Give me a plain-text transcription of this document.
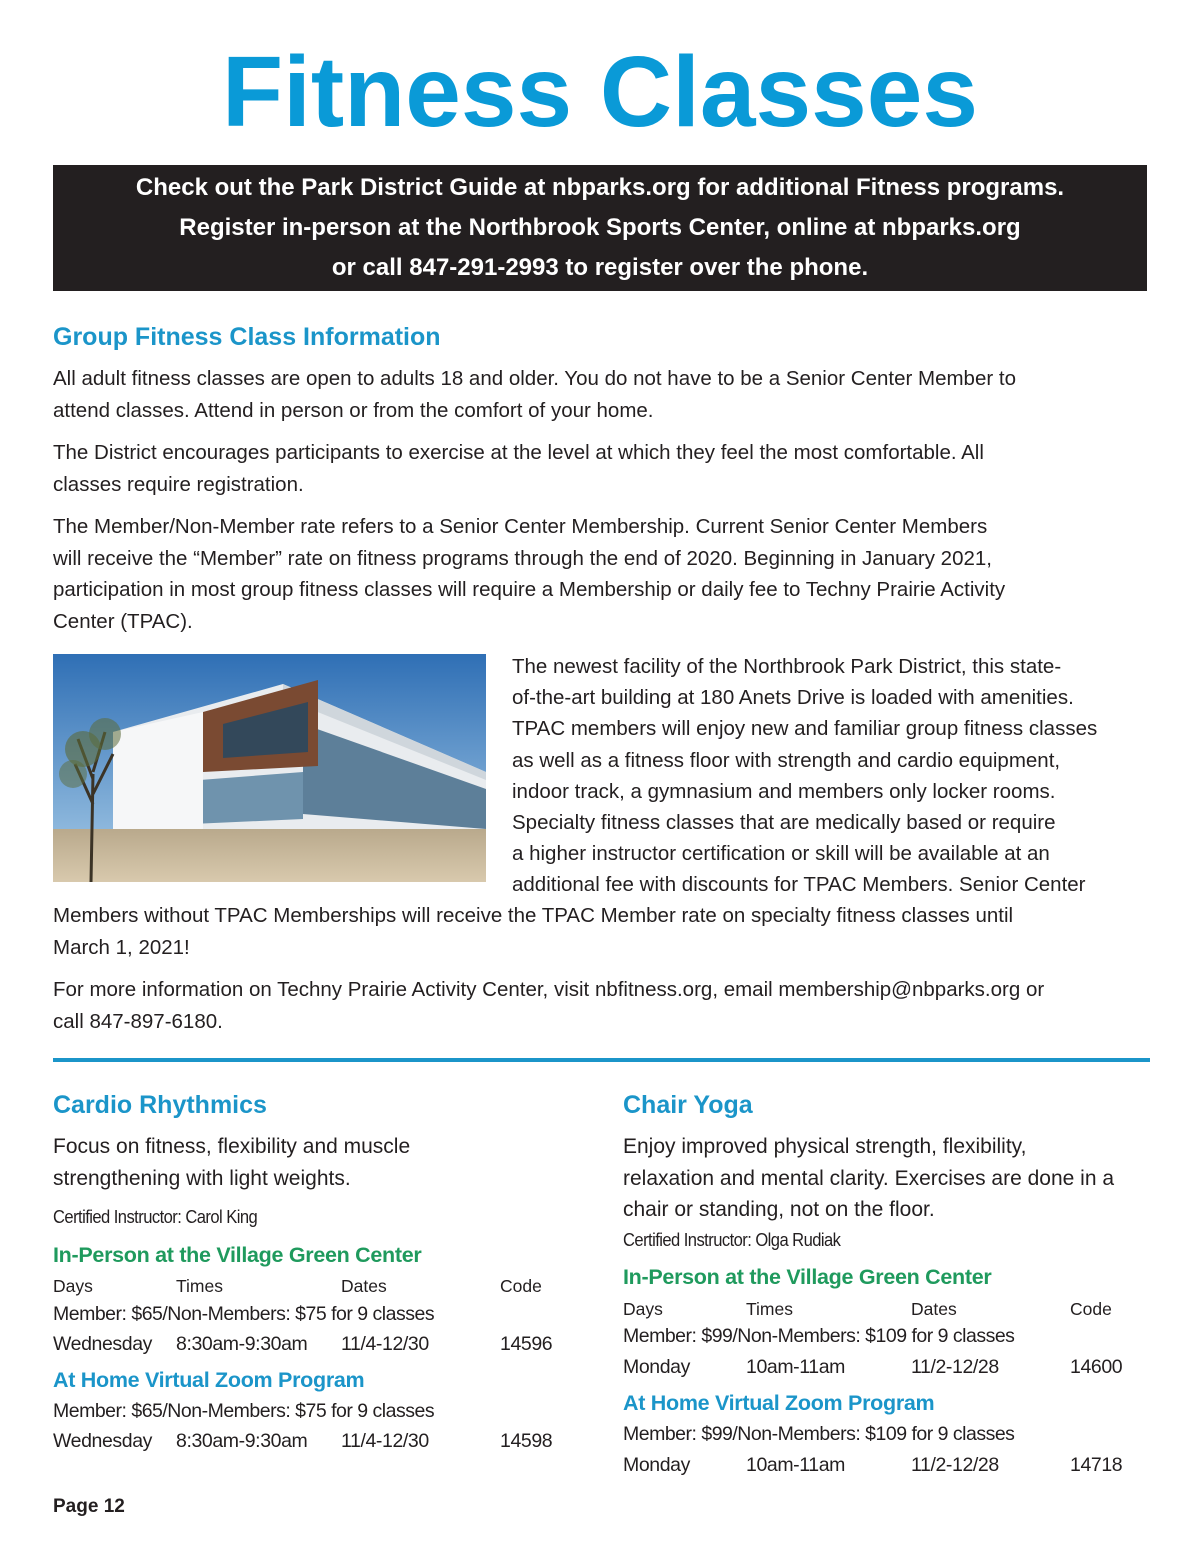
Fitness Classes
Check out the Park District Guide at nbparks.org for additional Fitness programs.
Register in-person at the Northbrook Sports Center, online at nbparks.org
or call 847-291-2993 to register over the phone.
Group Fitness Class Information
All adult fitness classes are open to adults 18 and older. You do not have to be a Senior Center Member to
attend classes. Attend in person or from the comfort of your home.
The District encourages participants to exercise at the level at which they feel the most comfortable. All
classes require registration.
The Member/Non-Member rate refers to a Senior Center Membership. Current Senior Center Members
will receive the “Member” rate on fitness programs through the end of 2020. Beginning in January 2021,
participation in most group fitness classes will require a Membership or daily fee to Techny Prairie Activity
Center (TPAC).
The newest facility of the Northbrook Park District, this state-
of-the-art building at 180 Anets Drive is loaded with amenities.
TPAC members will enjoy new and familiar group fitness classes
as well as a fitness floor with strength and cardio equipment,
indoor track, a gymnasium and members only locker rooms.
Specialty fitness classes that are medically based or require
a higher instructor certification or skill will be available at an
additional fee with discounts for TPAC Members. Senior Center
Members without TPAC Memberships will receive the TPAC Member rate on specialty fitness classes until
March 1, 2021!
For more information on Techny Prairie Activity Center, visit nbfitness.org, email membership@nbparks.org or
call 847-897-6180.
Cardio Rhythmics
Focus on fitness, flexibility and muscle
strengthening with light weights.
Certified Instructor: Carol King
In-Person at the Village Green Center
Days	Times	Dates	Code
Member: $65/Non-Members: $75 for 9 classes
Wednesday 8:30am-9:30am 11/4-12/30	14596
At Home Virtual Zoom Program
Member: $65/Non-Members: $75 for 9 classes
Wednesday 8:30am-9:30am 11/4-12/30	14598
Chair Yoga
Enjoy improved physical strength, flexibility,
relaxation and mental clarity. Exercises are done in a
chair or standing, not on the floor.
Certified Instructor: Olga Rudiak
In-Person at the Village Green Center
Days	Times	Dates	Code
Member: $99/Non-Members: $109 for 9 classes
Monday	10am-11am	11/2-12/28	14600
At Home Virtual Zoom Program
Member: $99/Non-Members: $109 for 9 classes
Monday	10am-11am	11/2-12/28	14718
Page 12
